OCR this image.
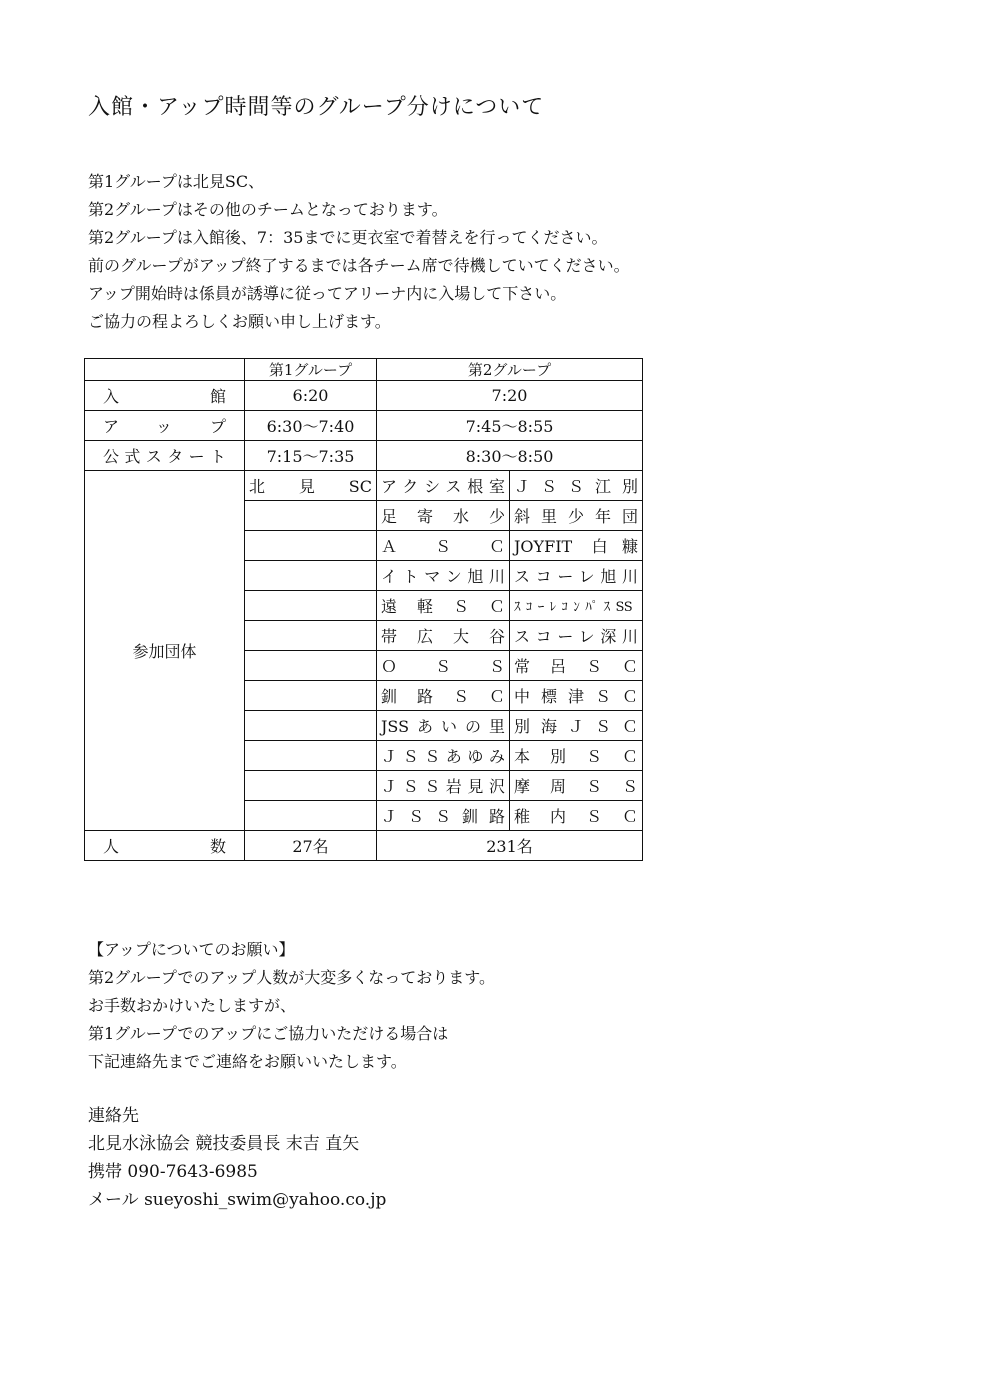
入館・アップ時間等のグループ分けについて
第1グループは北見SC、
第2グループはその他のチームとなっております。
第2グループは入館後、7：35までに更衣室で着替えを行ってください。
前のグループがアップ終了するまでは各チーム席で待機していてください。
アップ開始時は係員が誘導に従ってアリーナ内に入場して下さい。
ご協力の程よろしくお願い申し上げます。
	第1グループ	第2グループ	
入館	6:20	7:20	
アップ	6:30～7:40	7:45～8:55	
公式スタート	7:15～7:35	8:30～8:50	
参加団体	北見SC	アクシス根室	ＪＳＳ江別
		足寄水少	斜里少年団
		ＡＳＣ	JOYFIT 白糠
		イトマン旭川	スコーレ旭川
		遠軽ＳＣ	ｽｺｰﾚｺﾝﾊﾟｽSS
		帯広大谷	スコーレ深川
		ＯＳＳ	常呂ＳＣ
		釧路ＳＣ	中標津ＳＣ
		JSSあいの里	別海ＪＳＣ
		ＪＳＳあゆみ	本別ＳＣ
		ＪＳＳ岩見沢	摩周ＳＳ
		ＪＳＳ釧路	稚内ＳＣ
人数	27名	231名	
【アップについてのお願い】
第2グループでのアップ人数が大変多くなっております。
お手数おかけいたしますが、
第1グループでのアップにご協力いただける場合は
下記連絡先までご連絡をお願いいたします。
連絡先
北見水泳協会 競技委員長 末吉 直矢
携帯 090-7643-6985
メール sueyoshi_swim@yahoo.co.jp
